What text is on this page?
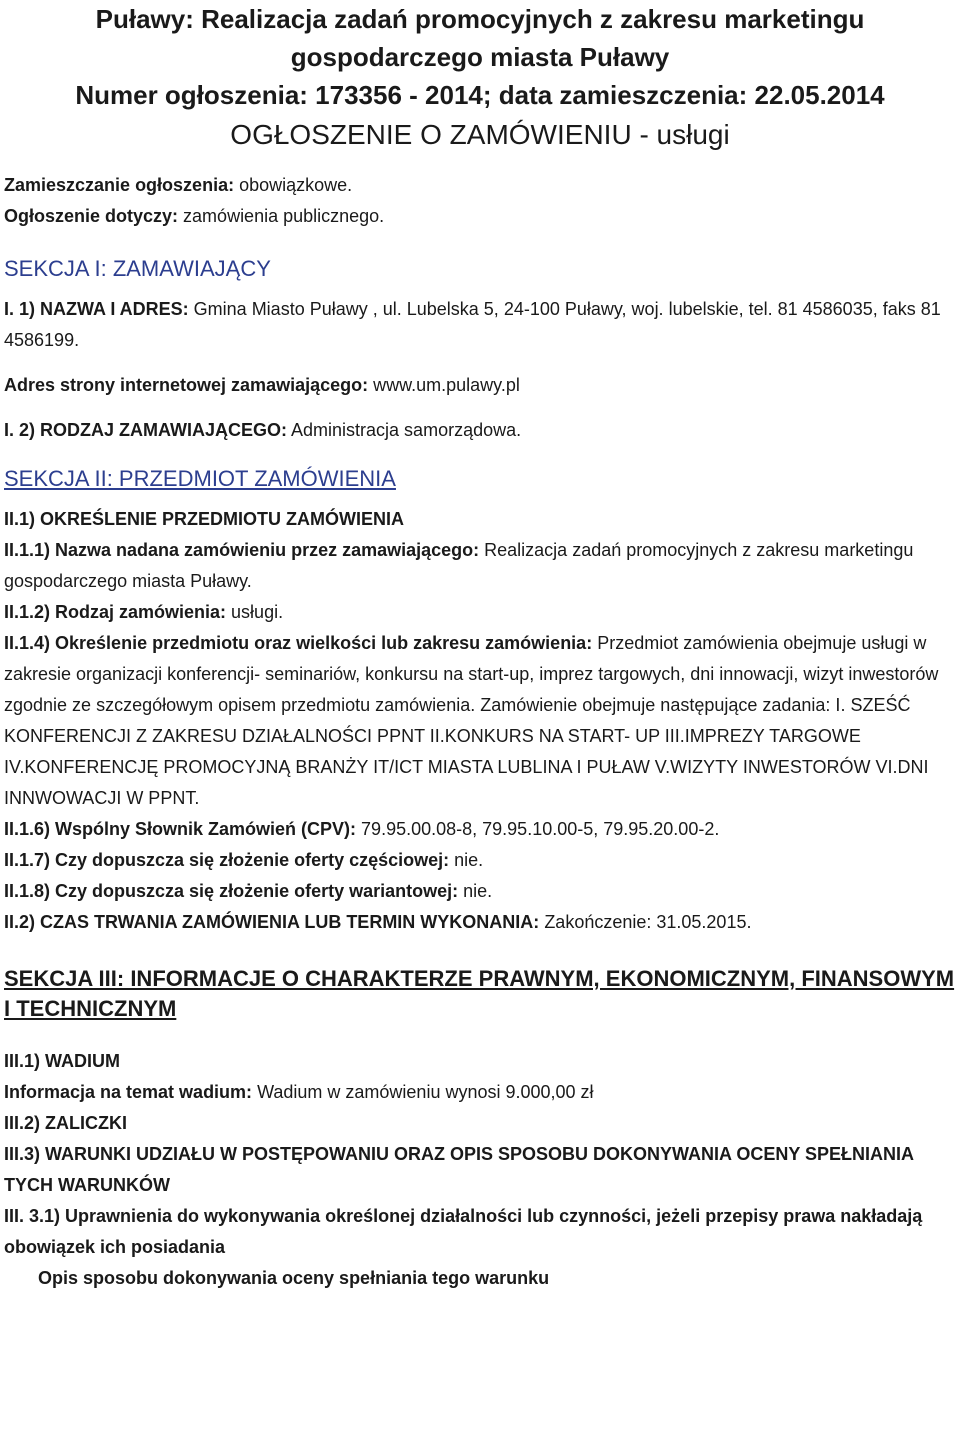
Puławy: Realizacja zadań promocyjnych z zakresu marketingu
gospodarczego miasta Puławy
Numer ogłoszenia: 173356 - 2014; data zamieszczenia: 22.05.2014

OGŁOSZENIE O ZAMÓWIENIU - usługi

Zamieszczanie ogłoszenia: obowiązkowe.

Ogłoszenie dotyczy: zamówienia publicznego.

SEKCJA I: ZAMAWIAJĄCY

I. 1) NAZWA I ADRES: Gmina Miasto Puławy , ul. Lubelska 5, 24-100 Puławy, woj. lubelskie, tel. 81 4586035, faks 81 4586199.

Adres strony internetowej zamawiającego: www.um.pulawy.pl

I. 2) RODZAJ ZAMAWIAJĄCEGO: Administracja samorządowa.

SEKCJA II: PRZEDMIOT ZAMÓWIENIA

II.1) OKREŚLENIE PRZEDMIOTU ZAMÓWIENIA

II.1.1) Nazwa nadana zamówieniu przez zamawiającego: Realizacja zadań promocyjnych z zakresu marketingu gospodarczego miasta Puławy.

II.1.2) Rodzaj zamówienia: usługi.

II.1.4) Określenie przedmiotu oraz wielkości lub zakresu zamówienia: Przedmiot zamówienia obejmuje usługi w zakresie organizacji konferencji- seminariów, konkursu na start-up, imprez targowych, dni innowacji, wizyt inwestorów zgodnie ze szczegółowym opisem przedmiotu zamówienia. Zamówienie obejmuje następujące zadania: I. SZEŚĆ KONFERENCJI Z ZAKRESU DZIAŁALNOŚCI PPNT II.KONKURS NA START- UP III.IMPREZY TARGOWE IV.KONFERENCJĘ PROMOCYJNĄ BRANŻY IT/ICT MIASTA LUBLINA I PUŁAW V.WIZYTY INWESTORÓW VI.DNI INNWOWACJI W PPNT.

II.1.6) Wspólny Słownik Zamówień (CPV): 79.95.00.08-8, 79.95.10.00-5, 79.95.20.00-2.

II.1.7) Czy dopuszcza się złożenie oferty częściowej: nie.

II.1.8) Czy dopuszcza się złożenie oferty wariantowej: nie.

II.2) CZAS TRWANIA ZAMÓWIENIA LUB TERMIN WYKONANIA: Zakończenie: 31.05.2015.

SEKCJA III: INFORMACJE O CHARAKTERZE PRAWNYM, EKONOMICZNYM, FINANSOWYM I TECHNICZNYM

III.1) WADIUM

Informacja na temat wadium: Wadium w zamówieniu wynosi 9.000,00 zł

III.2) ZALICZKI

III.3) WARUNKI UDZIAŁU W POSTĘPOWANIU ORAZ OPIS SPOSOBU DOKONYWANIA OCENY SPEŁNIANIA TYCH WARUNKÓW

III. 3.1) Uprawnienia do wykonywania określonej działalności lub czynności, jeżeli przepisy prawa nakładają obowiązek ich posiadania

Opis sposobu dokonywania oceny spełniania tego warunku
